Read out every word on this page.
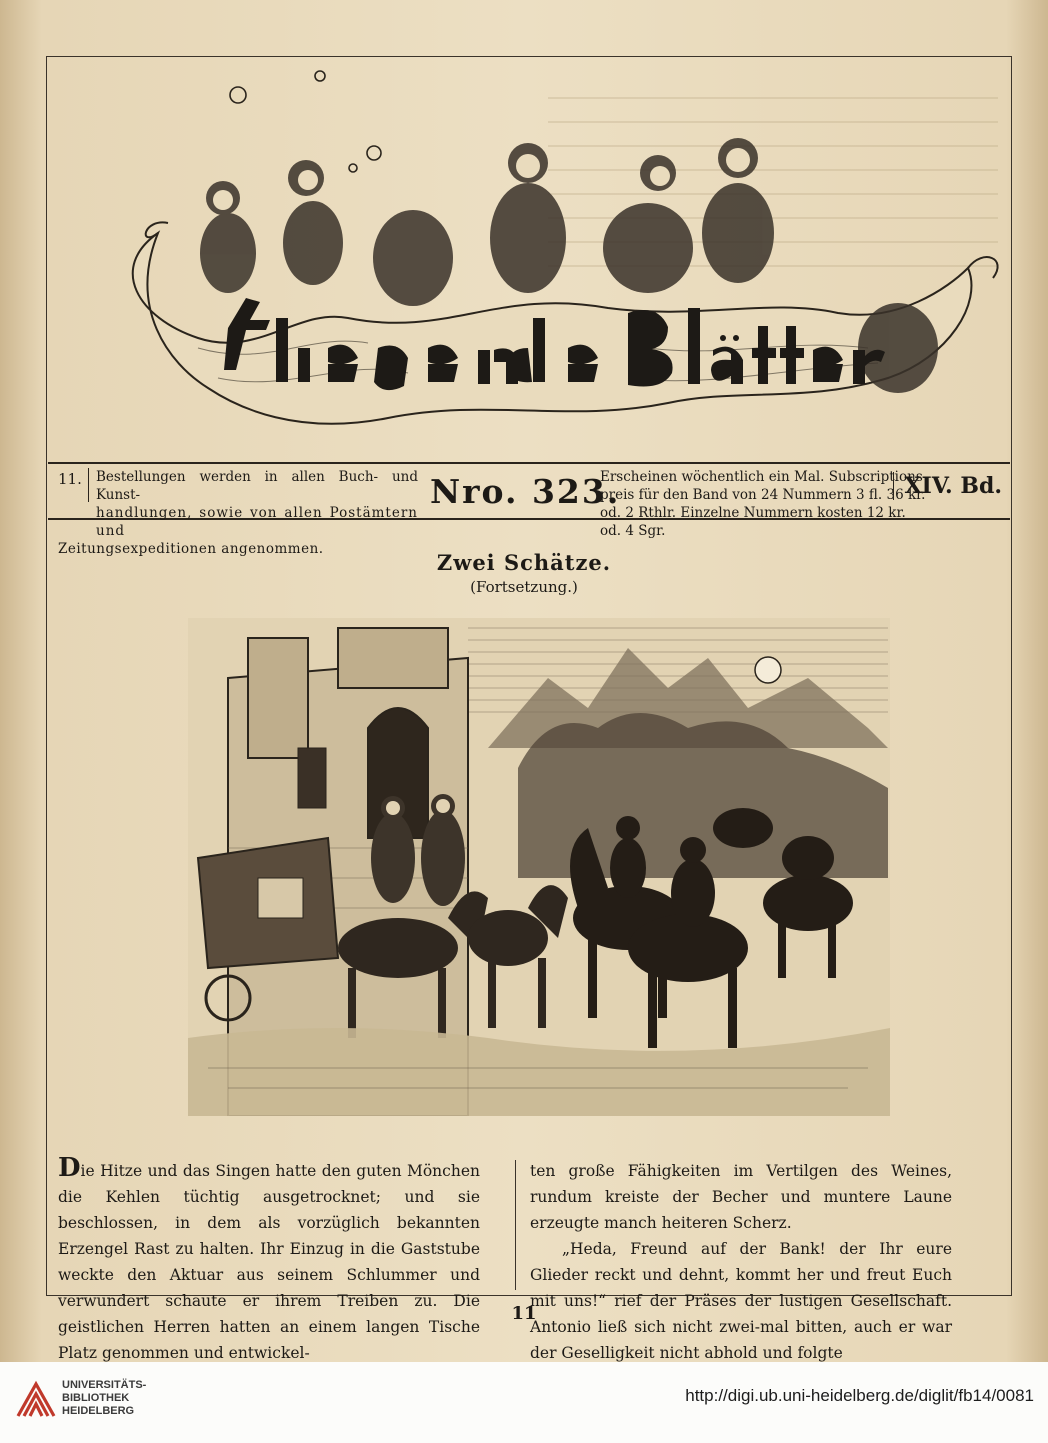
11.	Bestellungen werden in allen Buch- und Kunst-
handlungen, sowie von allen Postämtern und
Zeitungsexpeditionen angenommen.
Nro. 323.
Erscheinen wöchentlich ein Mal. Subscriptions-
preis für den Band von 24 Nummern 3 fl. 36 kr.
od. 2 Rthlr. Einzelne Nummern kosten 12 kr. od. 4 Sgr.
XIV. Bd.
Zwei Schätze.
(Fortsetzung.)

Die Hitze und das Singen hatte den guten Mönchen die Kehlen tüchtig ausgetrocknet; und sie beschlossen, in dem als vorzüglich bekannten Erzengel Rast zu halten. Ihr Einzug in die Gaststube weckte den Aktuar aus seinem Schlummer und verwundert schaute er ihrem Treiben zu. Die geistlichen Herren hatten an einem langen Tische Platz genommen und entwickel-

ten große Fähigkeiten im Vertilgen des Weines, rundum kreiste der Becher und muntere Laune erzeugte manch heiteren Scherz.

„Heda, Freund auf der Bank! der Ihr eure Glieder reckt und dehnt, kommt her und freut Euch mit uns!“ rief der Präses der lustigen Gesellschaft. Antonio ließ sich nicht zwei-mal bitten, auch er war der Geselligkeit nicht abhold und folgte

11
UNIVERSITÄTS-
BIBLIOTHEK
HEIDELBERG
http://digi.ub.uni-heidelberg.de/diglit/fb14/0081
